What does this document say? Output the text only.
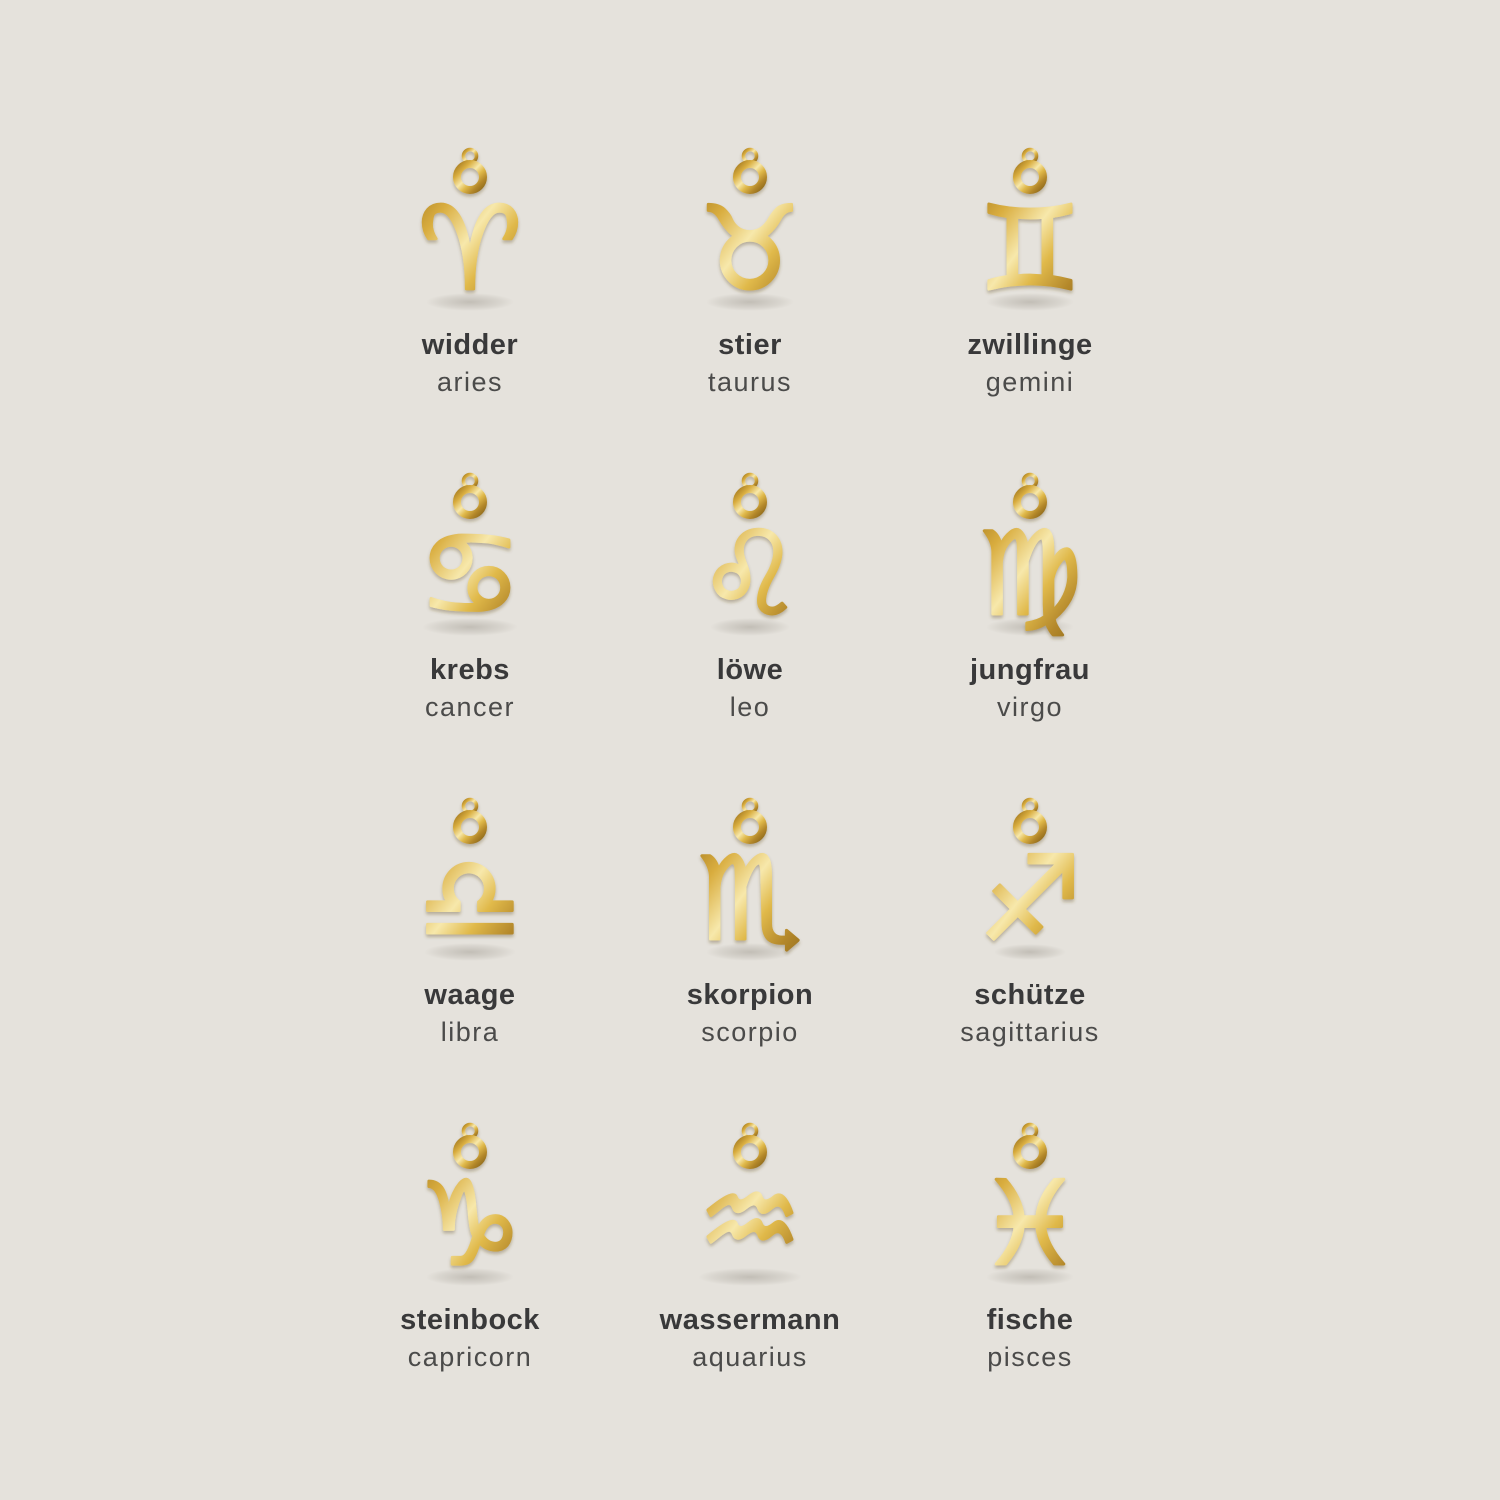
♈
widder
aries
♉
stier
taurus
♊
zwillinge
gemini
♋
krebs
cancer
♌
löwe
leo
♍
jungfrau
virgo
♎
waage
libra
♏
skorpion
scorpio
♐
schütze
sagittarius
♑
steinbock
capricorn
♒
wassermann
aquarius
♓
fische
pisces
